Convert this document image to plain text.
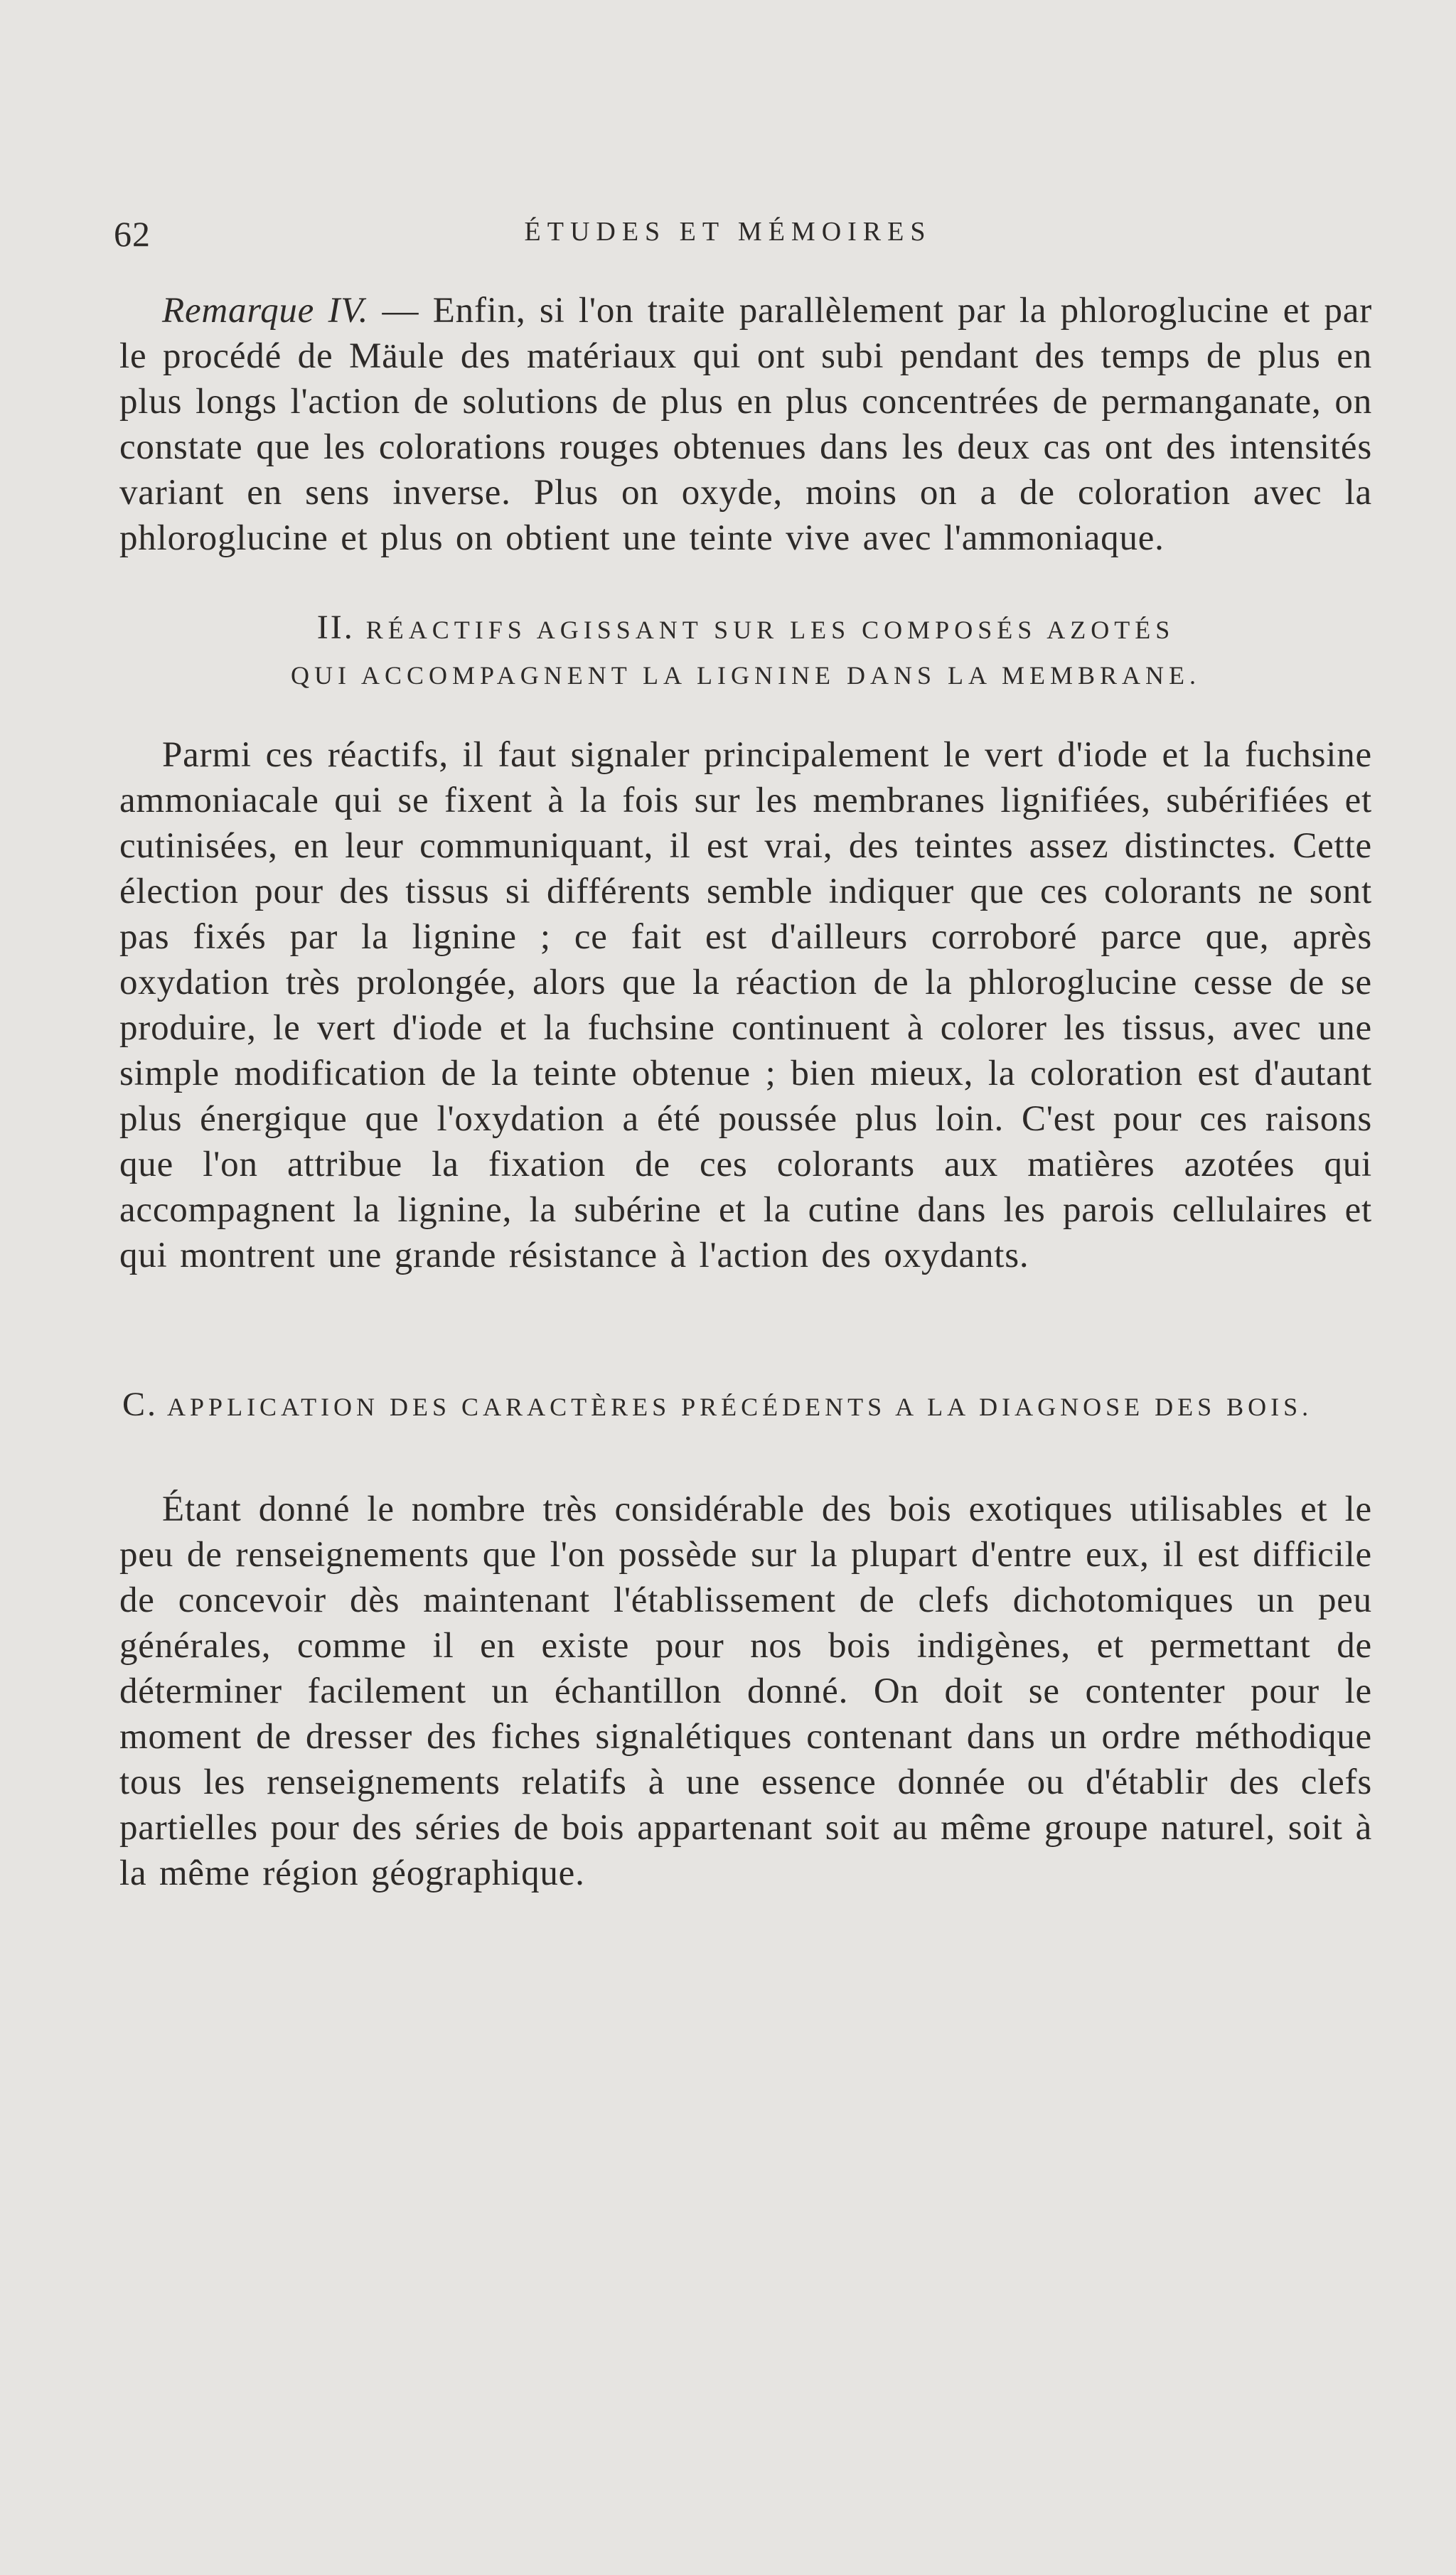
62	ÉTUDES ET MÉMOIRES

Remarque IV. — Enfin, si l'on traite parallèlement par la phloroglucine et par le procédé de Mäule des matériaux qui ont subi pendant des temps de plus en plus longs l'action de solutions de plus en plus concentrées de permanganate, on constate que les colorations rouges obtenues dans les deux cas ont des intensités variant en sens inverse. Plus on oxyde, moins on a de coloration avec la phloroglucine et plus on obtient une teinte vive avec l'ammoniaque.

II. RÉACTIFS AGISSANT SUR LES COMPOSÉS AZOTÉS

QUI ACCOMPAGNENT LA LIGNINE DANS LA MEMBRANE.

Parmi ces réactifs, il faut signaler principalement le vert d'iode et la fuchsine ammoniacale qui se fixent à la fois sur les membranes lignifiées, subérifiées et cutinisées, en leur communiquant, il est vrai, des teintes assez distinctes. Cette élection pour des tissus si différents semble indiquer que ces colorants ne sont pas fixés par la lignine ; ce fait est d'ailleurs corroboré parce que, après oxydation très prolongée, alors que la réaction de la phloroglucine cesse de se produire, le vert d'iode et la fuchsine continuent à colorer les tissus, avec une simple modification de la teinte obtenue ; bien mieux, la coloration est d'autant plus énergique que l'oxydation a été poussée plus loin. C'est pour ces raisons que l'on attribue la fixation de ces colorants aux matières azotées qui accompagnent la lignine, la subérine et la cutine dans les parois cellulaires et qui montrent une grande résistance à l'action des oxydants.

C. APPLICATION DES CARACTÈRES PRÉCÉDENTS A LA DIAGNOSE DES BOIS.

Étant donné le nombre très considérable des bois exotiques utilisables et le peu de renseignements que l'on possède sur la plupart d'entre eux, il est difficile de concevoir dès maintenant l'établissement de clefs dichotomiques un peu générales, comme il en existe pour nos bois indigènes, et permettant de déterminer facilement un échantillon donné. On doit se contenter pour le moment de dresser des fiches signalétiques contenant dans un ordre méthodique tous les renseignements relatifs à une essence donnée ou d'établir des clefs partielles pour des séries de bois appartenant soit au même groupe naturel, soit à la même région géographique.
